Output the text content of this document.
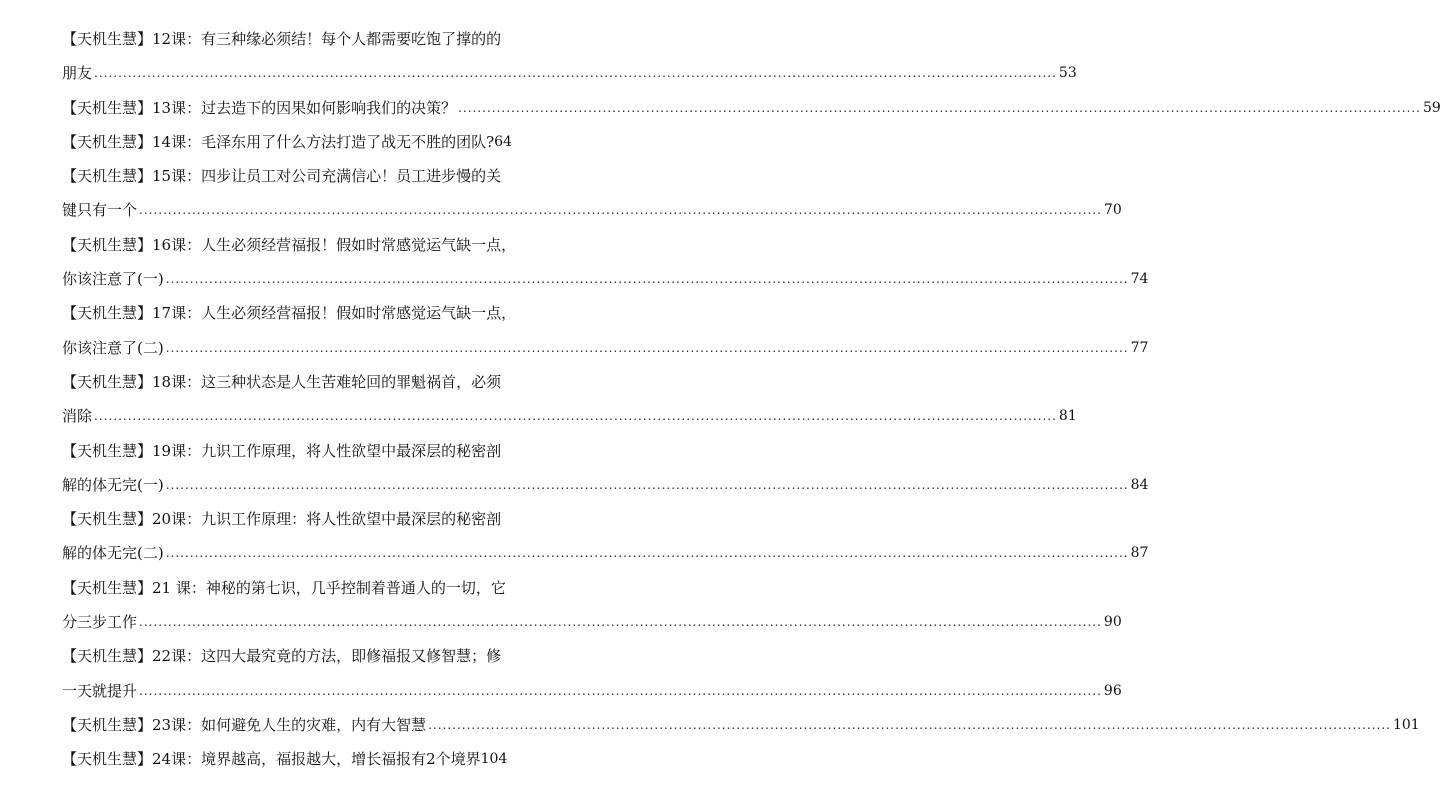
【天机生慧】12课：有三种缘必须结！每个人都需要吃饱了撑的的
朋友 ........................................................................................................................................................................................................ 53
【天机生慧】13课：过去造下的因果如何影响我们的决策？ ........................................................................................................................................................................................................ 59
【天机生慧】14课：毛泽东用了什么方法打造了战无不胜的团队? 64
【天机生慧】15课：四步让员工对公司充满信心！员工进步慢的关
键只有一个 ........................................................................................................................................................................................................ 70
【天机生慧】16课：人生必须经营福报！假如时常感觉运气缺一点，
你该注意了(一) ........................................................................................................................................................................................................ 74
【天机生慧】17课：人生必须经营福报！假如时常感觉运气缺一点，
你该注意了(二) ........................................................................................................................................................................................................ 77
【天机生慧】18课：这三种状态是人生苦难轮回的罪魁祸首，必须
消除 ........................................................................................................................................................................................................ 81
【天机生慧】19课：九识工作原理，将人性欲望中最深层的秘密剖
解的体无完(一) ........................................................................................................................................................................................................ 84
【天机生慧】20课：九识工作原理：将人性欲望中最深层的秘密剖
解的体无完(二) ........................................................................................................................................................................................................ 87
【天机生慧】21 课：神秘的第七识，几乎控制着普通人的一切，它
分三步工作 ........................................................................................................................................................................................................ 90
【天机生慧】22课：这四大最究竟的方法，即修福报又修智慧；修
一天就提升 ........................................................................................................................................................................................................ 96
【天机生慧】23课：如何避免人生的灾难，内有大智慧 ........................................................................................................................................................................................................ 101
【天机生慧】24课：境界越高，福报越大，增长福报有2个境界 104
